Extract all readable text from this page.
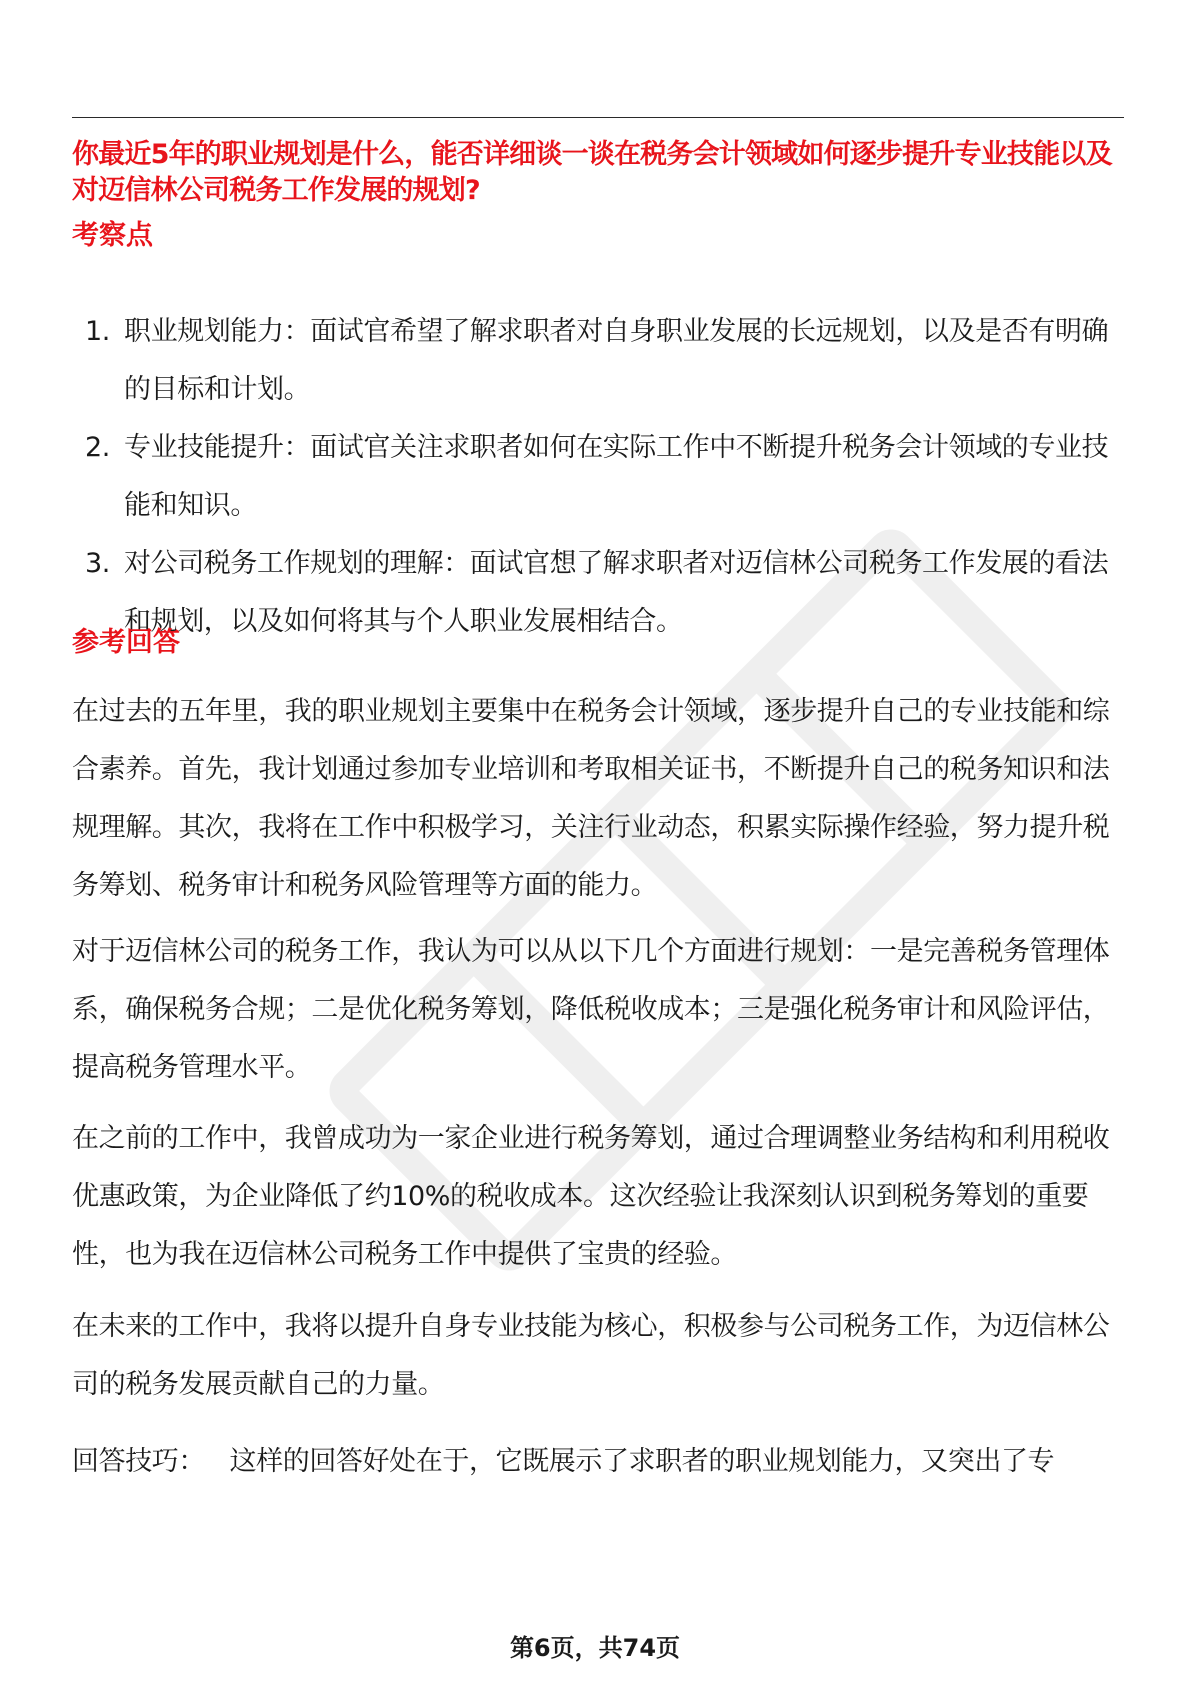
你最近5年的职业规划是什么，能否详细谈一谈在税务会计领域如何逐步提升专业技能以及对迈信林公司税务工作发展的规划?
考察点
1. 职业规划能力：面试官希望了解求职者对自身职业发展的长远规划，以及是否有明确的目标和计划。
2. 专业技能提升：面试官关注求职者如何在实际工作中不断提升税务会计领域的专业技能和知识。
3. 对公司税务工作规划的理解：面试官想了解求职者对迈信林公司税务工作发展的看法和规划，以及如何将其与个人职业发展相结合。
参考回答

在过去的五年里，我的职业规划主要集中在税务会计领域，逐步提升自己的专业技能和综合素养。首先，我计划通过参加专业培训和考取相关证书，不断提升自己的税务知识和法规理解。其次，我将在工作中积极学习，关注行业动态，积累实际操作经验，努力提升税务筹划、税务审计和税务风险管理等方面的能力。

对于迈信林公司的税务工作，我认为可以从以下几个方面进行规划：一是完善税务管理体系，确保税务合规；二是优化税务筹划，降低税收成本；三是强化税务审计和风险评估，提高税务管理水平。

在之前的工作中，我曾成功为一家企业进行税务筹划，通过合理调整业务结构和利用税收优惠政策，为企业降低了约10%的税收成本。这次经验让我深刻认识到税务筹划的重要性，也为我在迈信林公司税务工作中提供了宝贵的经验。

在未来的工作中，我将以提升自身专业技能为核心，积极参与公司税务工作，为迈信林公司的税务发展贡献自己的力量。

回答技巧：   这样的回答好处在于，它既展示了求职者的职业规划能力，又突出了专

第6页，共74页
